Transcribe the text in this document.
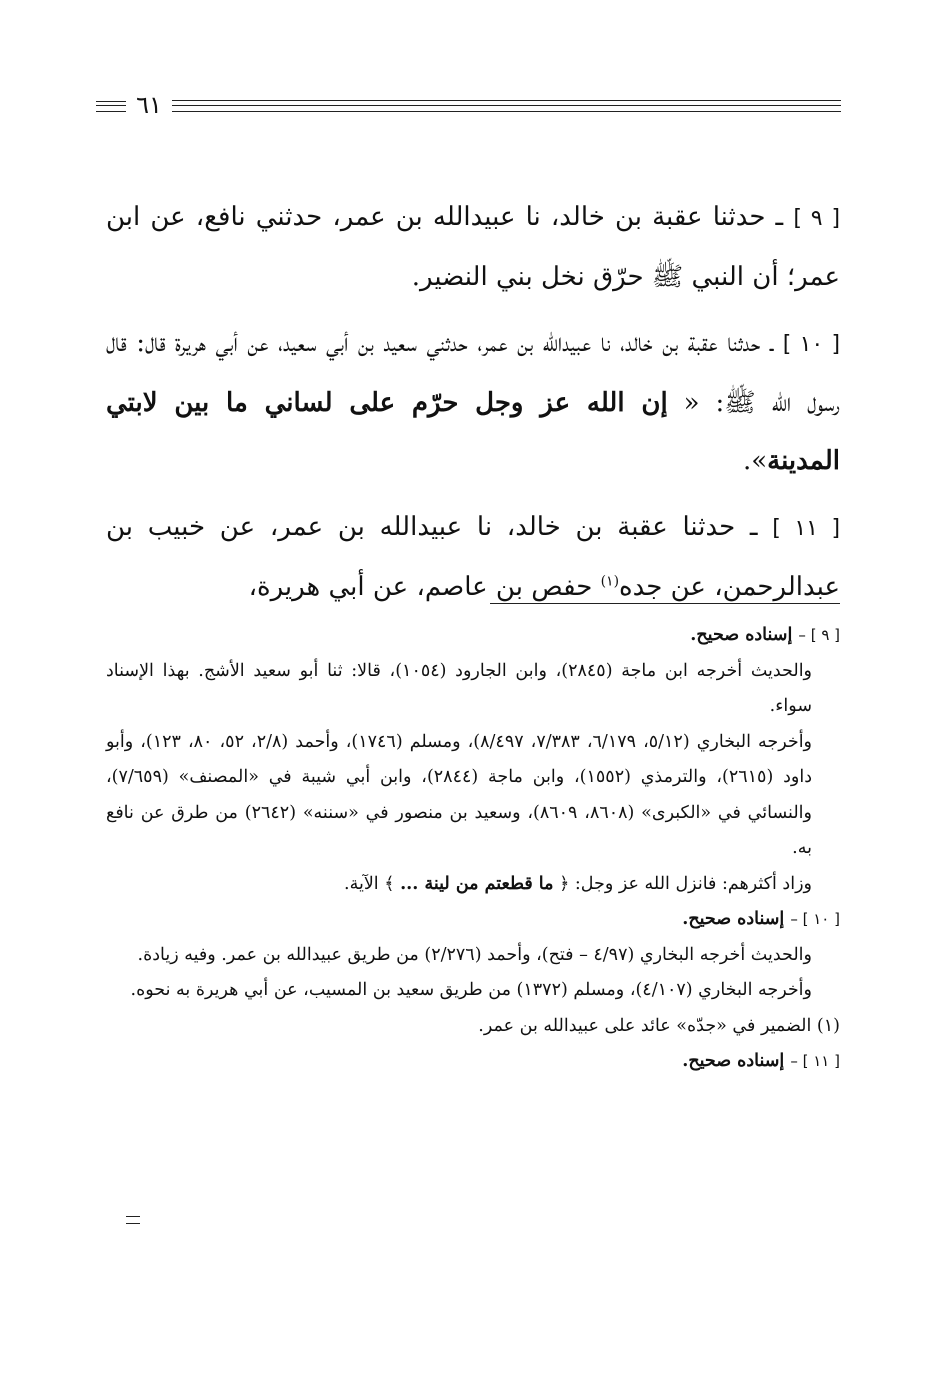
٦١

[ ٩ ] ـ حدثنا عقبة بن خالد، نا عبيدالله بن عمر، حدثني نافع، عن ابن عمر؛ أن النبي ﷺ حرّق نخل بني النضير.

[ ١٠ ] ـ حدثنا عقبة بن خالد، نا عبيدالله بن عمر، حدثني سعيد بن أبي سعيد، عن أبي هريرة قال: قال رسول الله ﷺ: « إن الله عز وجل حرّم على لساني ما بين لابتي المدينة».

[ ١١ ] ـ حدثنا عقبة بن خالد، نا عبيدالله بن عمر، عن خبيب بن عبدالرحمن، عن جده$^{(١)}$ حفص بن عاصم، عن أبي هريرة،

[ ٩ ] – إسناده صحيح.

والحديث أخرجه ابن ماجة (٢٨٤٥)، وابن الجارود (١٠٥٤)، قالا: ثنا أبو سعيد الأشج. بهذا الإسناد سواء.

وأخرجه البخاري (٥/١٢، ٦/١٧٩، ٧/٣٨٣، ٨/٤٩٧)، ومسلم (١٧٤٦)، وأحمد (٢/٨، ٥٢، ٨٠، ١٢٣)، وأبو داود (٢٦١٥)، والترمذي (١٥٥٢)، وابن ماجة (٢٨٤٤)، وابن أبي شيبة في «المصنف» (٧/٦٥٩)، والنسائي في «الكبرى» (٨٦٠٨، ٨٦٠٩)، وسعيد بن منصور في «سننه» (٢٦٤٢) من طرق عن نافع به.

وزاد أكثرهم: فانزل الله عز وجل: ﴿ ما قطعتم من لينة ... ﴾ الآية.

[ ١٠ ] – إسناده صحيح.

والحديث أخرجه البخاري (٤/٩٧ – فتح)، وأحمد (٢/٢٧٦) من طريق عبيدالله بن عمر. وفيه زيادة.

وأخرجه البخاري (٤/١٠٧)، ومسلم (١٣٧٢) من طريق سعيد بن المسيب، عن أبي هريرة به نحوه.

(١) الضمير في «جدّه» عائد على عبيدالله بن عمر.

[ ١١ ] – إسناده صحيح.
